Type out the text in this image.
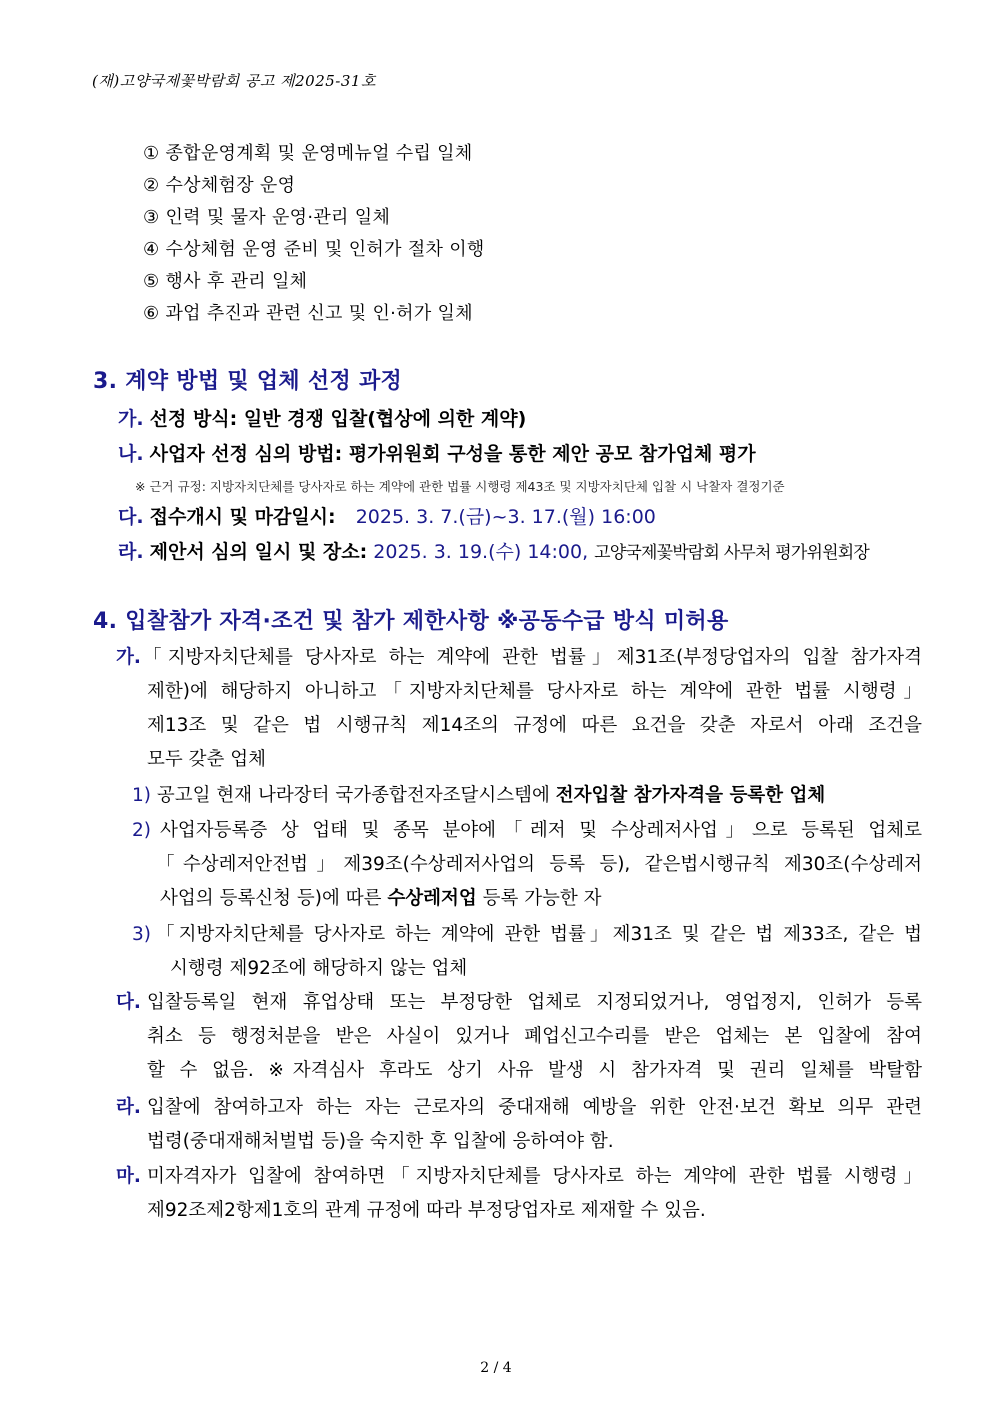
(재)고양국제꽃박람회 공고 제2025-31호
① 종합운영계획 및 운영메뉴얼 수립 일체
② 수상체험장 운영
③ 인력 및 물자 운영·관리 일체
④ 수상체험 운영 준비 및 인허가 절차 이행
⑤ 행사 후 관리 일체
⑥ 과업 추진과 관련 신고 및 인·허가 일체
3. 계약 방법 및 업체 선정 과정
가. 선정 방식: 일반 경쟁 입찰(협상에 의한 계약)
나. 사업자 선정 심의 방법: 평가위원회 구성을 통한 제안 공모 참가업체 평가
※ 근거 규정: 지방자치단체를 당사자로 하는 계약에 관한 법률 시행령 제43조 및 지방자치단체 입찰 시 낙찰자 결정기준
다. 접수개시 및 마감일시: 2025. 3. 7.(금)~3. 17.(월) 16:00
라. 제안서 심의 일시 및 장소: 2025. 3. 19.(수) 14:00, 고양국제꽃박람회 사무처 평가위원회장
4. 입찰참가 자격·조건 및 참가 제한사항 ※공동수급 방식 미허용
가. 「지방자치단체를 당사자로 하는 계약에 관한 법률」제31조(부정당업자의 입찰 참가자격
제한)에 해당하지 아니하고「지방자치단체를 당사자로 하는 계약에 관한 법률 시행령」
제13조 및 같은 법 시행규칙 제14조의 규정에 따른 요건을 갖춘 자로서 아래 조건을
모두 갖춘 업체
1) 공고일 현재 나라장터 국가종합전자조달시스템에 전자입찰 참가자격을 등록한 업체
2) 사업자등록증 상 업태 및 종목 분야에「레저 및 수상레저사업」으로 등록된 업체로
「수상레저안전법」제39조(수상레저사업의 등록 등), 같은법시행규칙 제30조(수상레저
사업의 등록신청 등)에 따른 수상레저업 등록 가능한 자
3) 「지방자치단체를 당사자로 하는 계약에 관한 법률」제31조 및 같은 법 제33조, 같은 법
시행령 제92조에 해당하지 않는 업체
다. 입찰등록일 현재 휴업상태 또는 부정당한 업체로 지정되었거나, 영업정지, 인허가 등록
취소 등 행정처분을 받은 사실이 있거나 폐업신고수리를 받은 업체는 본 입찰에 참여
할 수 없음. ※자격심사 후라도 상기 사유 발생 시 참가자격 및 권리 일체를 박탈함
라. 입찰에 참여하고자 하는 자는 근로자의 중대재해 예방을 위한 안전·보건 확보 의무 관련
법령(중대재해처벌법 등)을 숙지한 후 입찰에 응하여야 함.
마. 미자격자가 입찰에 참여하면「지방자치단체를 당사자로 하는 계약에 관한 법률 시행령」
제92조제2항제1호의 관계 규정에 따라 부정당업자로 제재할 수 있음.
2 / 4
